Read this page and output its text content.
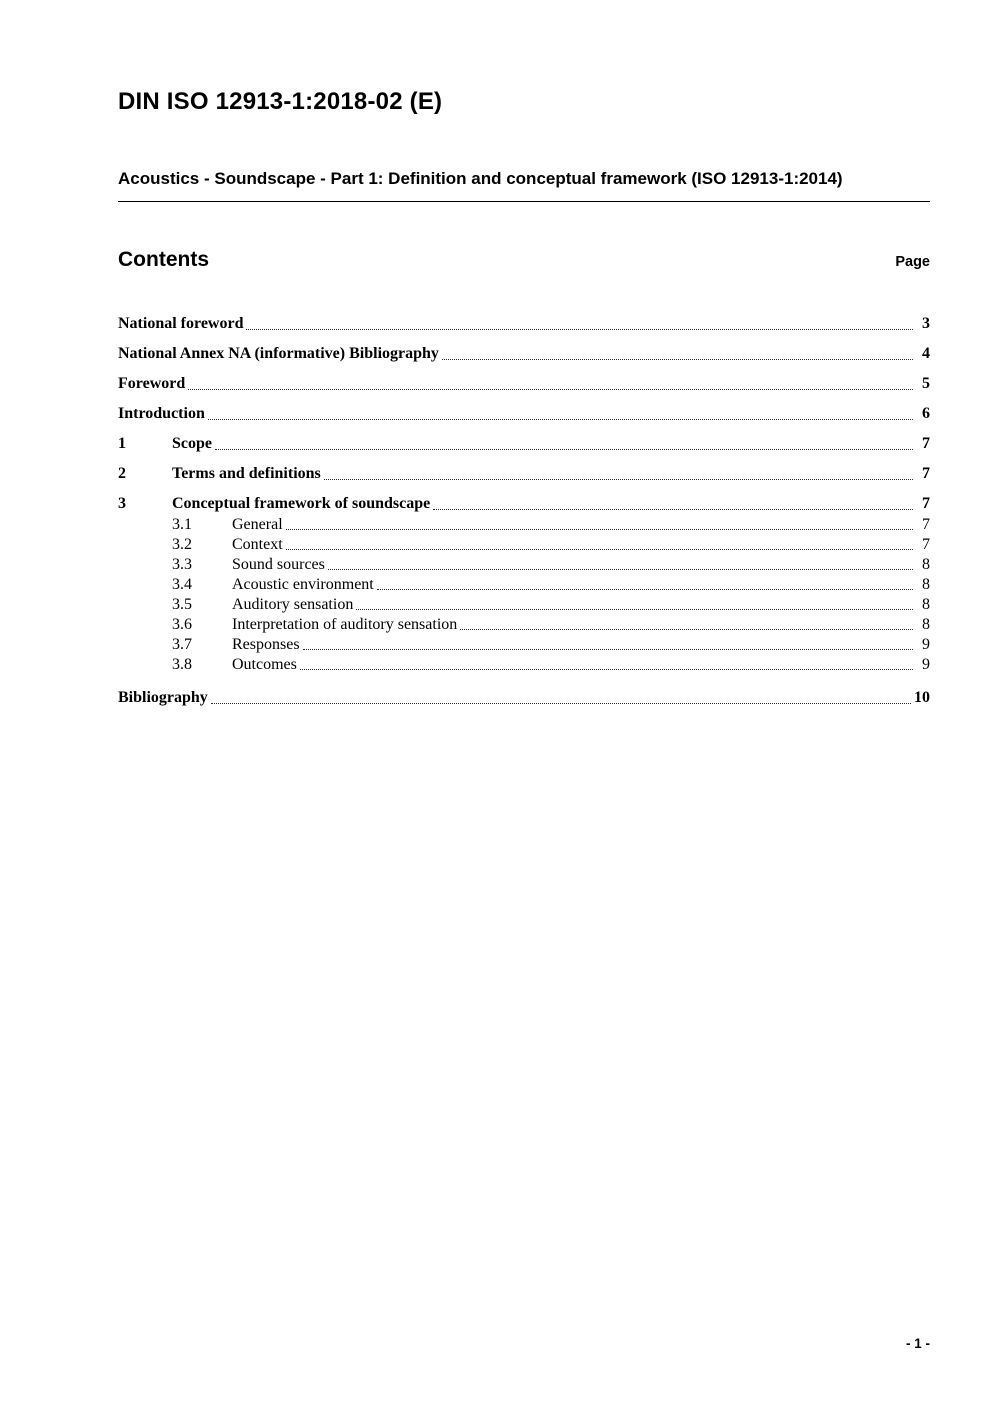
DIN ISO 12913-1:2018-02 (E)
Acoustics - Soundscape - Part 1: Definition and conceptual framework (ISO 12913-1:2014)
Contents	Page
National foreword	3
National Annex NA (informative) Bibliography	4
Foreword	5
Introduction	6
1	Scope	7
2	Terms and definitions	7
3	Conceptual framework of soundscape	7
3.1	General	7
3.2	Context	7
3.3	Sound sources	8
3.4	Acoustic environment	8
3.5	Auditory sensation	8
3.6	Interpretation of auditory sensation	8
3.7	Responses	9
3.8	Outcomes	9
Bibliography	10
- 1 -
